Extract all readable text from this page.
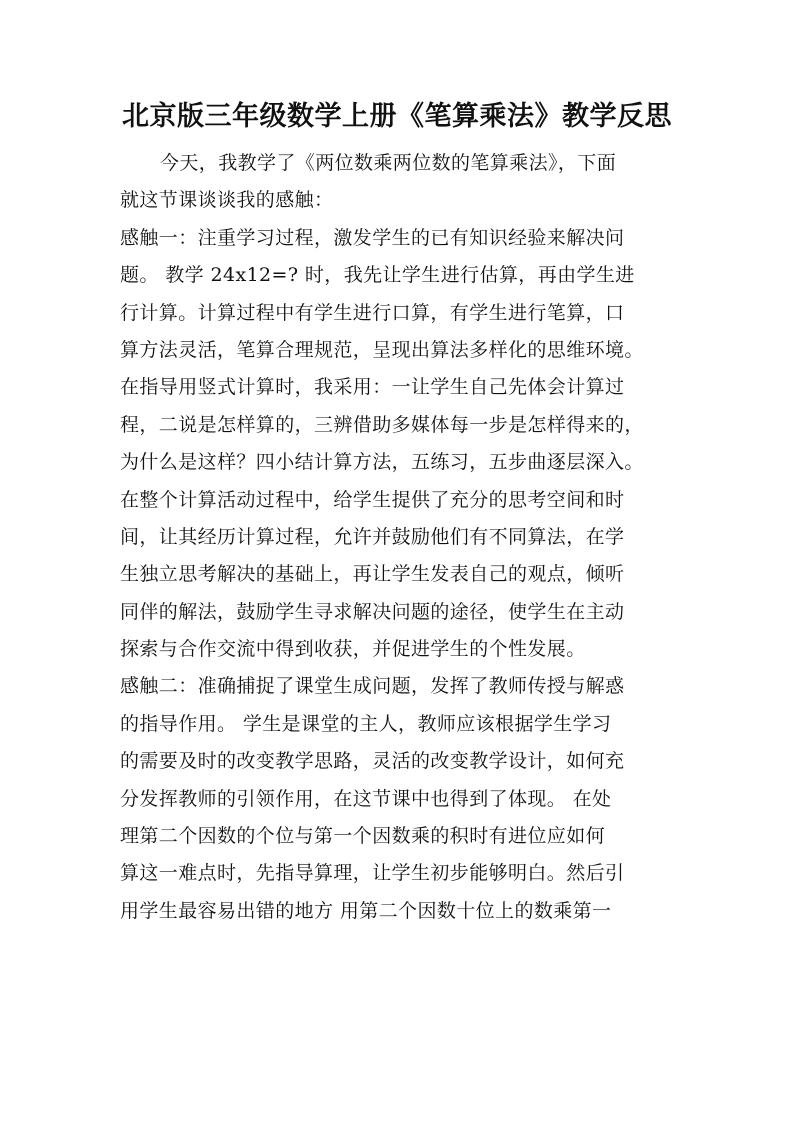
北京版三年级数学上册《笔算乘法》教学反思
今天，我教学了《两位数乘两位数的笔算乘法》，下面
就这节课谈谈我的感触：
感触一：注重学习过程，激发学生的已有知识经验来解决问
题。 教学 24x12=? 时，我先让学生进行估算，再由学生进
行计算。计算过程中有学生进行口算，有学生进行笔算，口
算方法灵活，笔算合理规范，呈现出算法多样化的思维环境。
在指导用竖式计算时，我采用：一让学生自己先体会计算过
程，二说是怎样算的，三辨借助多媒体每一步是怎样得来的，
为什么是这样？四小结计算方法，五练习，五步曲逐层深入。
在整个计算活动过程中，给学生提供了充分的思考空间和时
间，让其经历计算过程，允许并鼓励他们有不同算法，在学
生独立思考解决的基础上，再让学生发表自己的观点，倾听
同伴的解法，鼓励学生寻求解决问题的途径，使学生在主动
探索与合作交流中得到收获，并促进学生的个性发展。
感触二：准确捕捉了课堂生成问题，发挥了教师传授与解惑
的指导作用。 学生是课堂的主人，教师应该根据学生学习
的需要及时的改变教学思路，灵活的改变教学设计，如何充
分发挥教师的引领作用，在这节课中也得到了体现。 在处
理第二个因数的个位与第一个因数乘的积时有进位应如何
算这一难点时，先指导算理，让学生初步能够明白。然后引
用学生最容易出错的地方 用第二个因数十位上的数乘第一
